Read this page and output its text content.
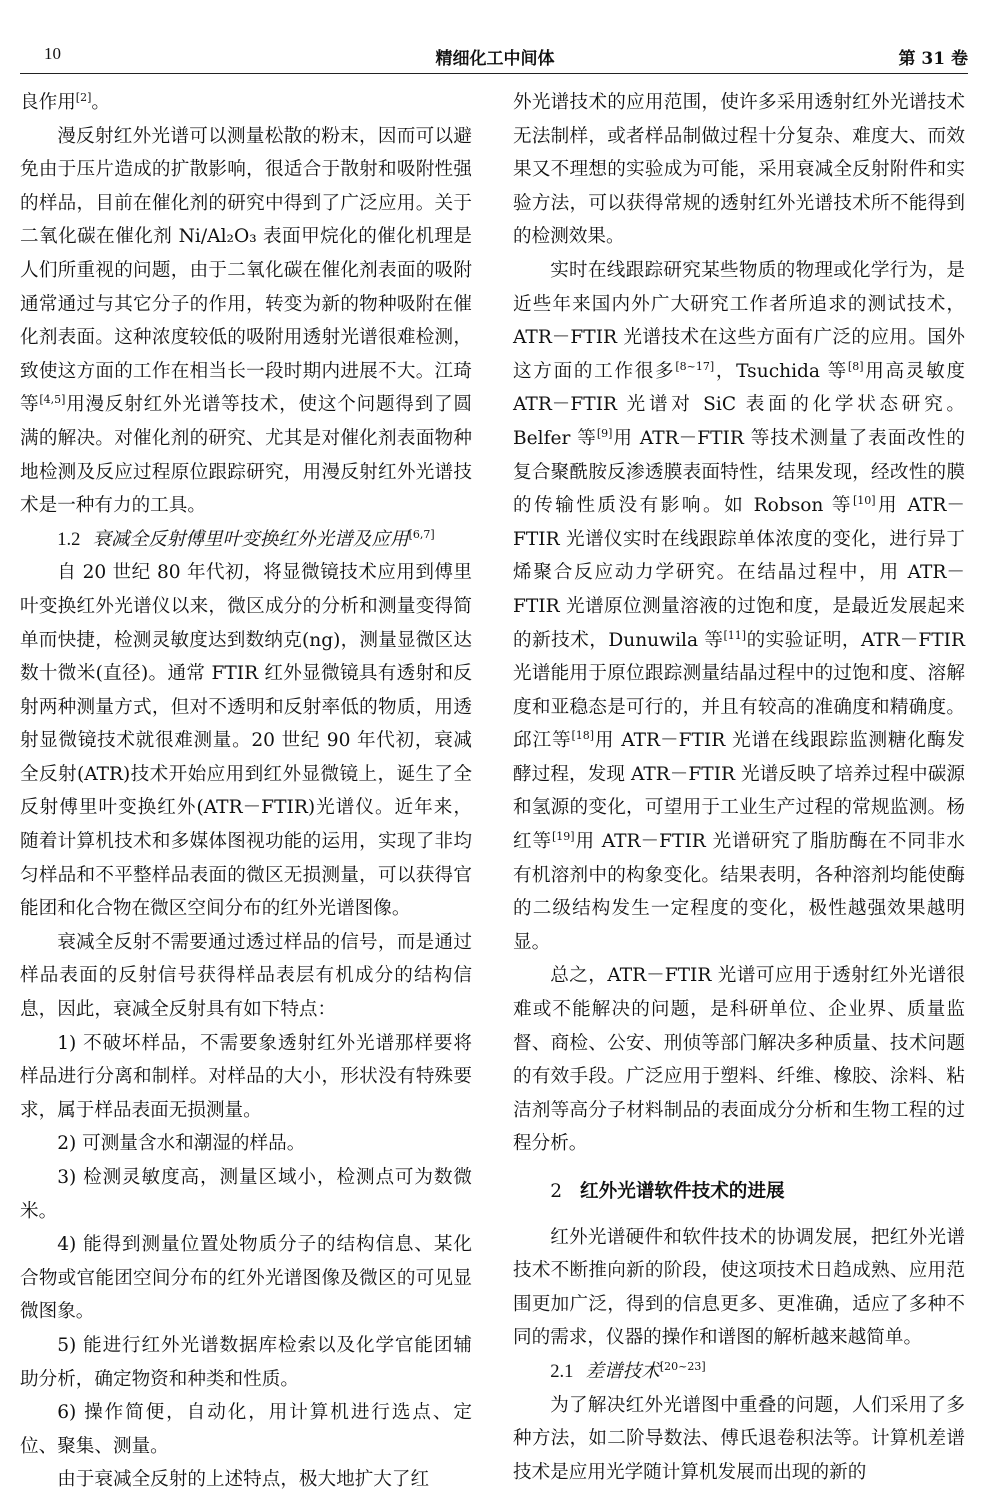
10	精细化工中间体	第 31 卷

良作用[2]。

漫反射红外光谱可以测量松散的粉末，因而可以避免由于压片造成的扩散影响，很适合于散射和吸附性强的样品，目前在催化剂的研究中得到了广泛应用。关于二氧化碳在催化剂 Ni/Al₂O₃ 表面甲烷化的催化机理是人们所重视的问题，由于二氧化碳在催化剂表面的吸附通常通过与其它分子的作用，转变为新的物种吸附在催化剂表面。这种浓度较低的吸附用透射光谱很难检测，致使这方面的工作在相当长一段时期内进展不大。江琦等[4,5]用漫反射红外光谱等技术，使这个问题得到了圆满的解决。对催化剂的研究、尤其是对催化剂表面物种地检测及反应过程原位跟踪研究，用漫反射红外光谱技术是一种有力的工具。

1.2 衰减全反射傅里叶变换红外光谱及应用[6,7]

自 20 世纪 80 年代初，将显微镜技术应用到傅里叶变换红外光谱仪以来，微区成分的分析和测量变得简单而快捷，检测灵敏度达到数纳克(ng)，测量显微区达数十微米(直径)。通常 FTIR 红外显微镜具有透射和反射两种测量方式，但对不透明和反射率低的物质，用透射显微镜技术就很难测量。20 世纪 90 年代初，衰减全反射(ATR)技术开始应用到红外显微镜上，诞生了全反射傅里叶变换红外(ATR－FTIR)光谱仪。近年来，随着计算机技术和多媒体图视功能的运用，实现了非均匀样品和不平整样品表面的微区无损测量，可以获得官能团和化合物在微区空间分布的红外光谱图像。

衰减全反射不需要通过透过样品的信号，而是通过样品表面的反射信号获得样品表层有机成分的结构信息，因此，衰减全反射具有如下特点：

1) 不破坏样品，不需要象透射红外光谱那样要将样品进行分离和制样。对样品的大小，形状没有特殊要求，属于样品表面无损测量。

2) 可测量含水和潮湿的样品。

3) 检测灵敏度高，测量区域小，检测点可为数微米。

4) 能得到测量位置处物质分子的结构信息、某化合物或官能团空间分布的红外光谱图像及微区的可见显微图象。

5) 能进行红外光谱数据库检索以及化学官能团辅助分析，确定物资和种类和性质。

6) 操作简便，自动化，用计算机进行选点、定位、聚集、测量。

由于衰减全反射的上述特点，极大地扩大了红

外光谱技术的应用范围，使许多采用透射红外光谱技术无法制样，或者样品制做过程十分复杂、难度大、而效果又不理想的实验成为可能，采用衰减全反射附件和实验方法，可以获得常规的透射红外光谱技术所不能得到的检测效果。

实时在线跟踪研究某些物质的物理或化学行为，是近些年来国内外广大研究工作者所追求的测试技术，ATR－FTIR 光谱技术在这些方面有广泛的应用。国外这方面的工作很多[8~17]，Tsuchida 等[8]用高灵敏度 ATR－FTIR 光谱对 SiC 表面的化学状态研究。Belfer 等[9]用 ATR－FTIR 等技术测量了表面改性的复合聚酰胺反渗透膜表面特性，结果发现，经改性的膜的传输性质没有影响。如 Robson 等[10]用 ATR－FTIR 光谱仪实时在线跟踪单体浓度的变化，进行异丁烯聚合反应动力学研究。在结晶过程中，用 ATR－FTIR 光谱原位测量溶液的过饱和度，是最近发展起来的新技术，Dunuwila 等[11]的实验证明，ATR－FTIR 光谱能用于原位跟踪测量结晶过程中的过饱和度、溶解度和亚稳态是可行的，并且有较高的准确度和精确度。邱江等[18]用 ATR－FTIR 光谱在线跟踪监测糖化酶发酵过程，发现 ATR－FTIR 光谱反映了培养过程中碳源和氢源的变化，可望用于工业生产过程的常规监测。杨红等[19]用 ATR－FTIR 光谱研究了脂肪酶在不同非水有机溶剂中的构象变化。结果表明，各种溶剂均能使酶的二级结构发生一定程度的变化，极性越强效果越明显。

总之，ATR－FTIR 光谱可应用于透射红外光谱很难或不能解决的问题，是科研单位、企业界、质量监督、商检、公安、刑侦等部门解决多种质量、技术问题的有效手段。广泛应用于塑料、纤维、橡胶、涂料、粘洁剂等高分子材料制品的表面成分分析和生物工程的过程分析。

2 红外光谱软件技术的进展

红外光谱硬件和软件技术的协调发展，把红外光谱技术不断推向新的阶段，使这项技术日趋成熟、应用范围更加广泛，得到的信息更多、更准确，适应了多种不同的需求，仪器的操作和谱图的解析越来越简单。

2.1 差谱技术[20~23]

为了解决红外光谱图中重叠的问题，人们采用了多种方法，如二阶导数法、傅氏退卷积法等。计算机差谱技术是应用光学随计算机发展而出现的新的
